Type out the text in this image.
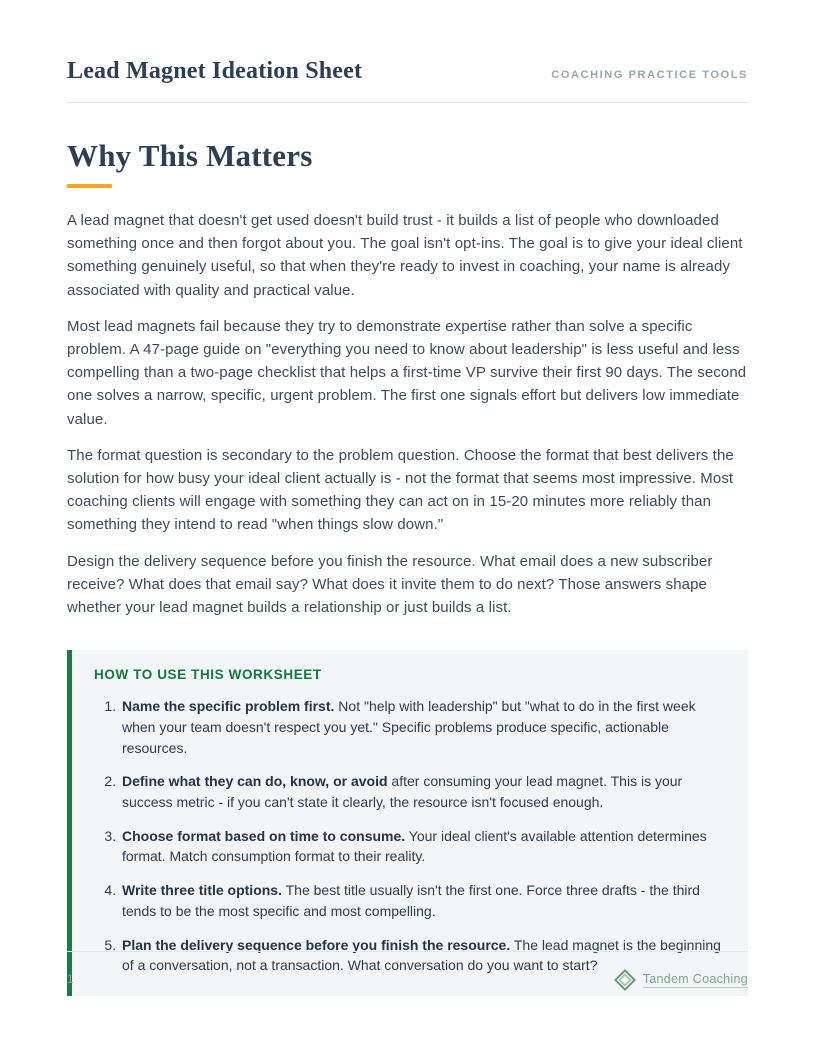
Lead Magnet Ideation Sheet	COACHING PRACTICE TOOLS
Why This Matters

A lead magnet that doesn't get used doesn't build trust - it builds a list of people who downloaded something once and then forgot about you. The goal isn't opt-ins. The goal is to give your ideal client something genuinely useful, so that when they're ready to invest in coaching, your name is already associated with quality and practical value.

Most lead magnets fail because they try to demonstrate expertise rather than solve a specific problem. A 47-page guide on "everything you need to know about leadership" is less useful and less compelling than a two-page checklist that helps a first-time VP survive their first 90 days. The second one solves a narrow, specific, urgent problem. The first one signals effort but delivers low immediate value.

The format question is secondary to the problem question. Choose the format that best delivers the solution for how busy your ideal client actually is - not the format that seems most impressive. Most coaching clients will engage with something they can act on in 15-20 minutes more reliably than something they intend to read "when things slow down."

Design the delivery sequence before you finish the resource. What email does a new subscriber receive? What does that email say? What does it invite them to do next? Those answers shape whether your lead magnet builds a relationship or just builds a list.

HOW TO USE THIS WORKSHEET
1. Name the specific problem first. Not "help with leadership" but "what to do in the first week when your team doesn't respect you yet." Specific problems produce specific, actionable resources.
2. Define what they can do, know, or avoid after consuming your lead magnet. This is your success metric - if you can't state it clearly, the resource isn't focused enough.
3. Choose format based on time to consume. Your ideal client's available attention determines format. Match consumption format to their reality.
4. Write three title options. The best title usually isn't the first one. Force three drafts - the third tends to be the most specific and most compelling.
5. Plan the delivery sequence before you finish the resource. The lead magnet is the beginning of a conversation, not a transaction. What conversation do you want to start?
1	Tandem Coaching
